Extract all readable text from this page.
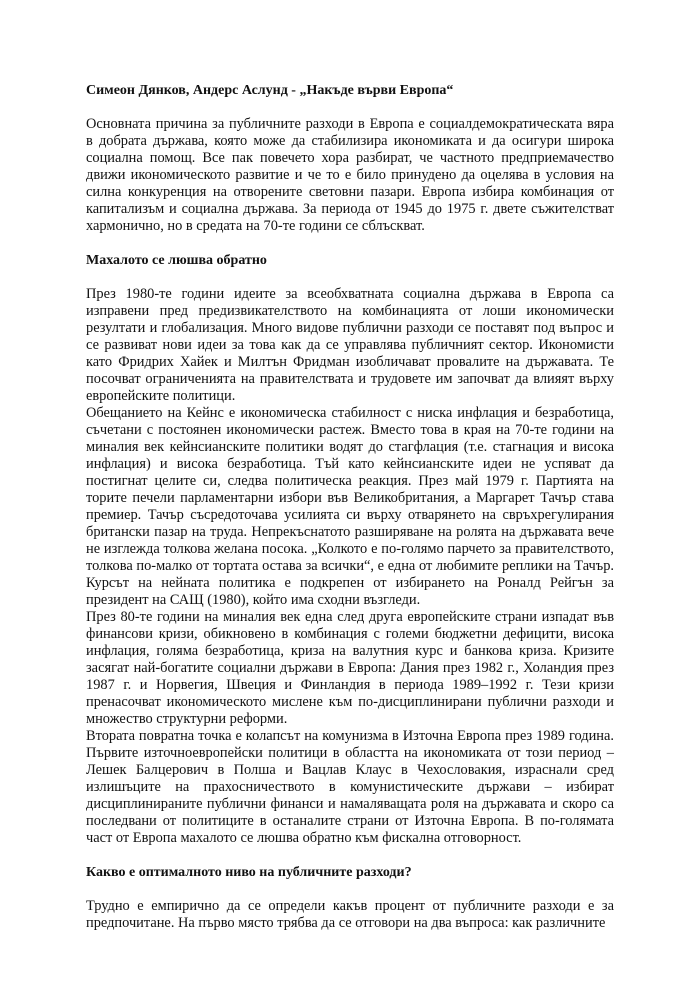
Симеон Дянков, Андерс Аслунд - „Накъде върви Европа“

Основната причина за публичните разходи в Европа е социалдемократическата вяра в добрата държава, която може да стабилизира икономиката и да осигури широка социална помощ. Все пак повечето хора разбират, че частното предприемачество движи икономическото развитие и че то е било принудено да оцелява в условия на силна конкуренция на отворените световни пазари. Европа избира комбинация от капитализъм и социална държава. За периода от 1945 до 1975 г. двете съжителстват хармонично, но в средата на 70-те години се сблъскват.

Махалото се люшва обратно

През 1980-те години идеите за всеобхватната социална държава в Европа са изправени пред предизвикателството на комбинацията от лоши икономически резултати и глобализация. Много видове публични разходи се поставят под въпрос и се развиват нови идеи за това как да се управлява публичният сектор. Икономисти като Фридрих Хайек и Милтън Фридман изобличават провалите на държавата. Те посочват ограниченията на правителствата и трудовете им започват да влияят върху европейските политици.

Обещанието на Кейнс е икономическа стабилност с ниска инфлация и безработица, съчетани с постоянен икономически растеж. Вместо това в края на 70-те години на миналия век кейнсианските политики водят до стагфлация (т.е. стагнация и висока инфлация) и висока безработица. Тъй като кейнсианските идеи не успяват да постигнат целите си, следва политическа реакция. През май 1979 г. Партията на торите печели парламентарни избори във Великобритания, а Маргарет Тачър става премиер. Тачър съсредоточава усилията си върху отварянето на свръхрегулирания британски пазар на труда. Непрекъснатото разширяване на ролята на държавата вече не изглежда толкова желана посока. „Колкото е по-голямо парчето за правителството, толкова по-малко от тортата остава за всички“, е една от любимите реплики на Тачър. Курсът на нейната политика е подкрепен от избирането на Роналд Рейгън за президент на САЩ (1980), който има сходни възгледи.

През 80-те години на миналия век една след друга европейските страни изпадат във финансови кризи, обикновено в комбинация с големи бюджетни дефицити, висока инфлация, голяма безработица, криза на валутния курс и банкова криза. Кризите засягат най-богатите социални държави в Европа: Дания през 1982 г., Холандия през 1987 г. и Норвегия, Швеция и Финландия в периода 1989–1992 г. Тези кризи пренасочват икономическото мислене към по-дисциплинирани публични разходи и множество структурни реформи.

Втората повратна точка е колапсът на комунизма в Източна Европа през 1989 година. Първите източноевропейски политици в областта на икономиката от този период – Лешек Балцерович в Полша и Вацлав Клаус в Чехословакия, израснали сред излишъците на прахосничеството в комунистическите държави – избират дисциплинираните публични финанси и намаляващата роля на държавата и скоро са последвани от политиците в останалите страни от Източна Европа. В по-голямата част от Европа махалото се люшва обратно към фискална отговорност.

Какво е оптималното ниво на публичните разходи?

Трудно е емпирично да се определи какъв процент от публичните разходи е за предпочитане. На първо място трябва да се отговори на два въпроса: как различните
